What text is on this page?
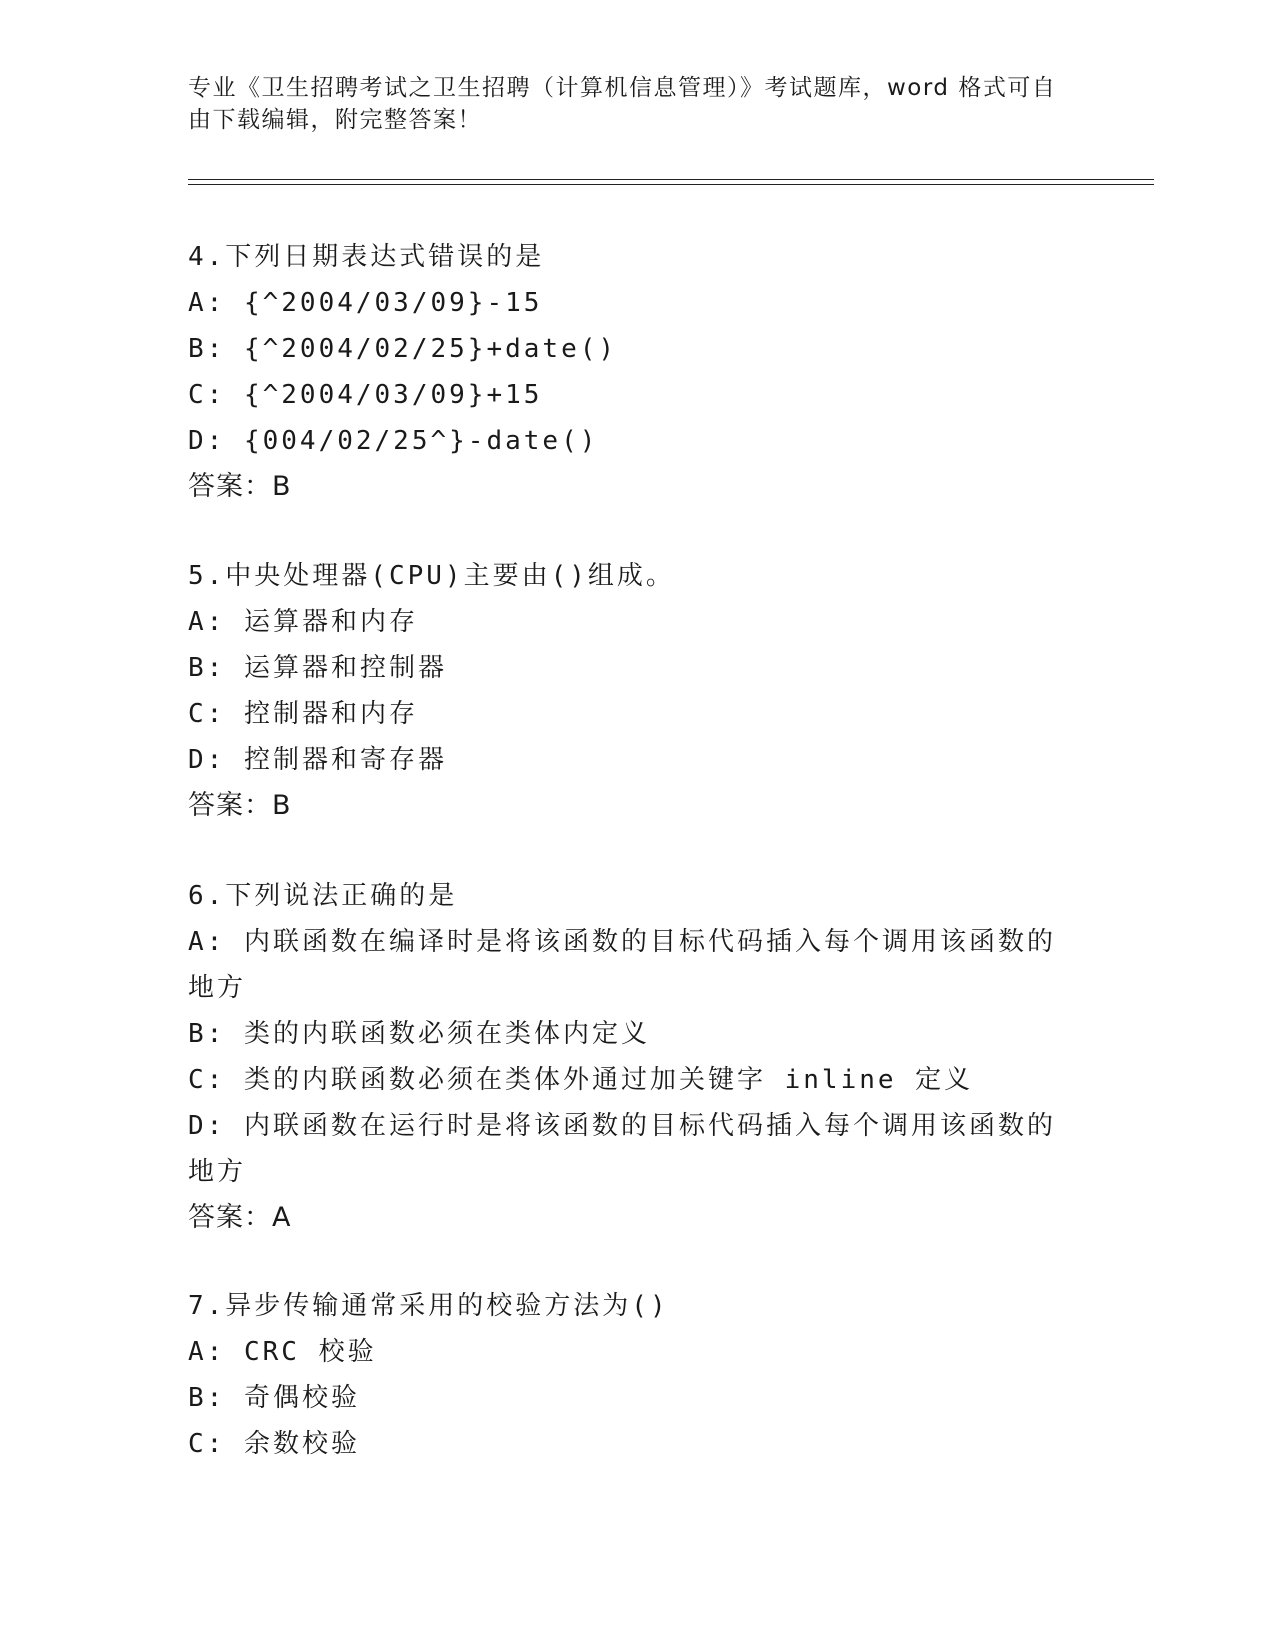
专业《卫生招聘考试之卫生招聘（计算机信息管理）》考试题库，word 格式可自由下载编辑，附完整答案！
4.下列日期表达式错误的是
A: {^2004/03/09}-15
B: {^2004/02/25}+date()
C: {^2004/03/09}+15
D: {004/02/25^}-date()
答案：B
5.中央处理器(CPU)主要由()组成。
A: 运算器和内存
B: 运算器和控制器
C: 控制器和内存
D: 控制器和寄存器
答案：B
6.下列说法正确的是
A: 内联函数在编译时是将该函数的目标代码插入每个调用该函数的地方
B: 类的内联函数必须在类体内定义
C: 类的内联函数必须在类体外通过加关键字 inline 定义
D: 内联函数在运行时是将该函数的目标代码插入每个调用该函数的地方
答案：A
7.异步传输通常采用的校验方法为()
A: CRC 校验
B: 奇偶校验
C: 余数校验
